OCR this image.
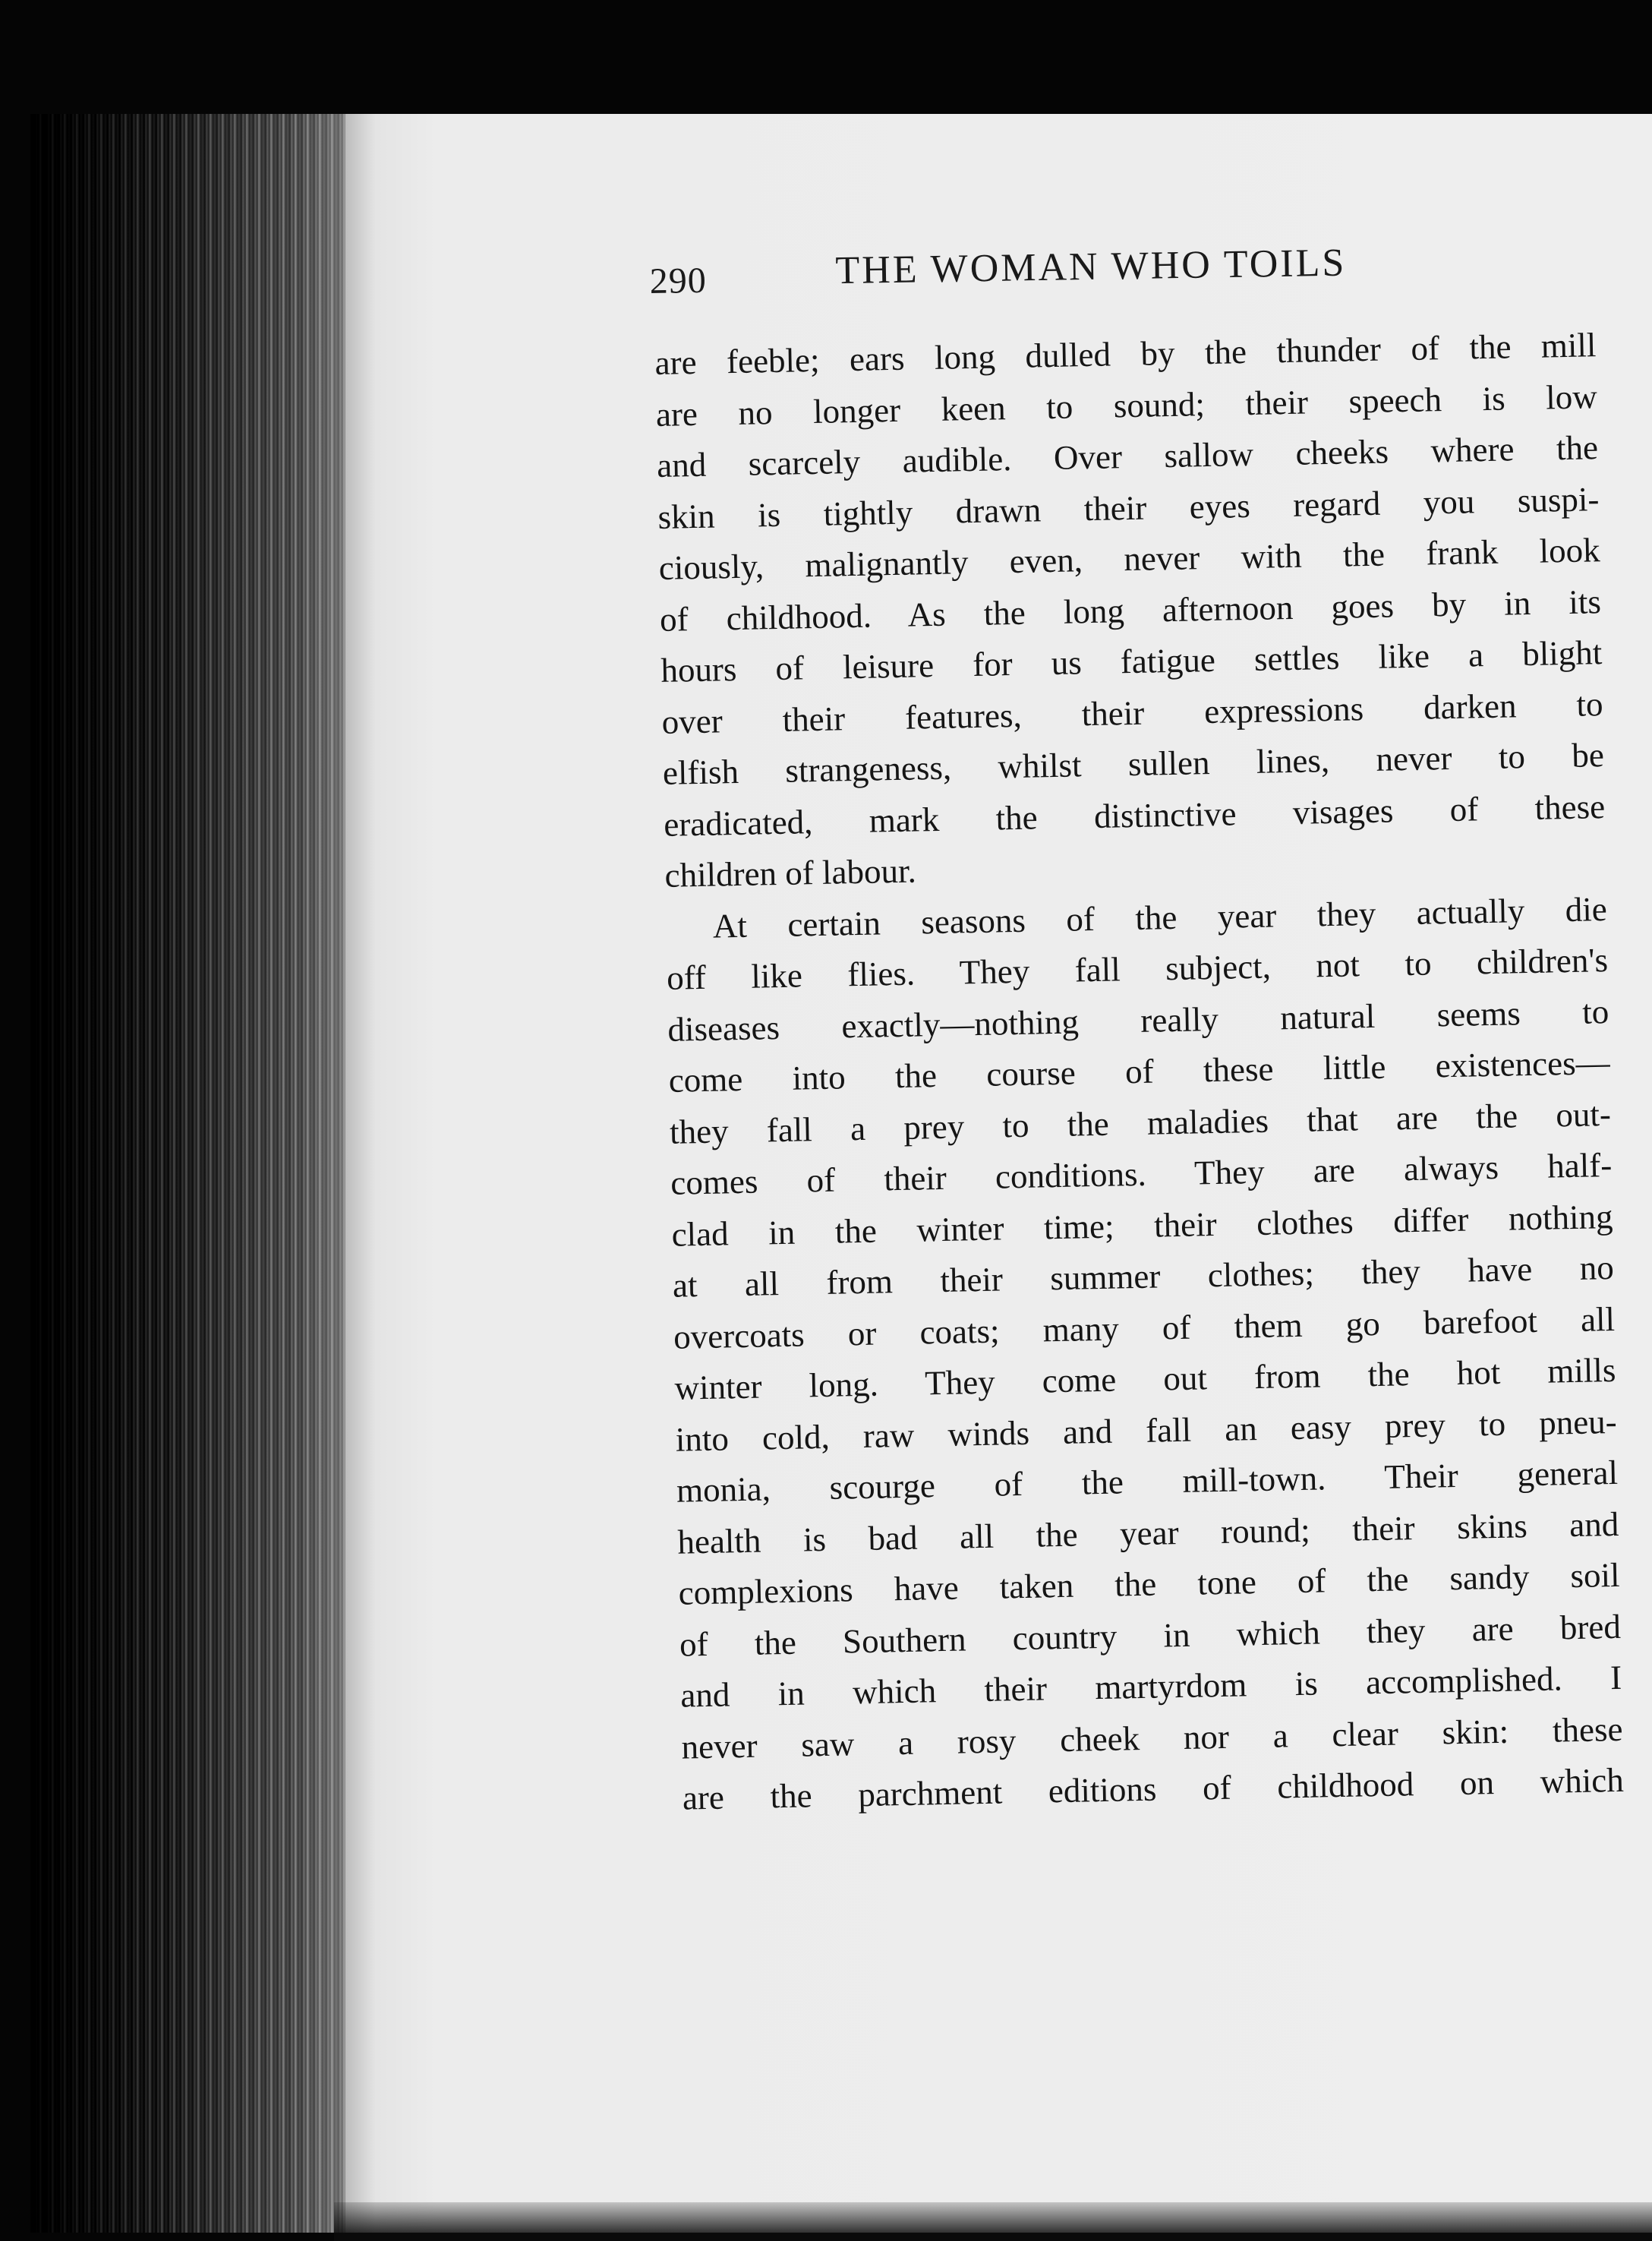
290	THE WOMAN WHO TOILS
are feeble; ears long dulled by the thunder of the mill
are no longer keen to sound; their speech is low
and scarcely audible. Over sallow cheeks where the
skin is tightly drawn their eyes regard you suspi-
ciously, malignantly even, never with the frank look
of childhood. As the long afternoon goes by in its
hours of leisure for us fatigue settles like a blight
over their features, their expressions darken to
elfish strangeness, whilst sullen lines, never to be
eradicated, mark the distinctive visages of these
children of labour.
At certain seasons of the year they actually die
off like flies. They fall subject, not to children's
diseases exactly—nothing really natural seems to
come into the course of these little existences—
they fall a prey to the maladies that are the out-
comes of their conditions. They are always half-
clad in the winter time; their clothes differ nothing
at all from their summer clothes; they have no
overcoats or coats; many of them go barefoot all
winter long. They come out from the hot mills
into cold, raw winds and fall an easy prey to pneu-
monia, scourge of the mill-town. Their general
health is bad all the year round; their skins and
complexions have taken the tone of the sandy soil
of the Southern country in which they are bred
and in which their martyrdom is accomplished. I
never saw a rosy cheek nor a clear skin: these
are the parchment editions of childhood on which
